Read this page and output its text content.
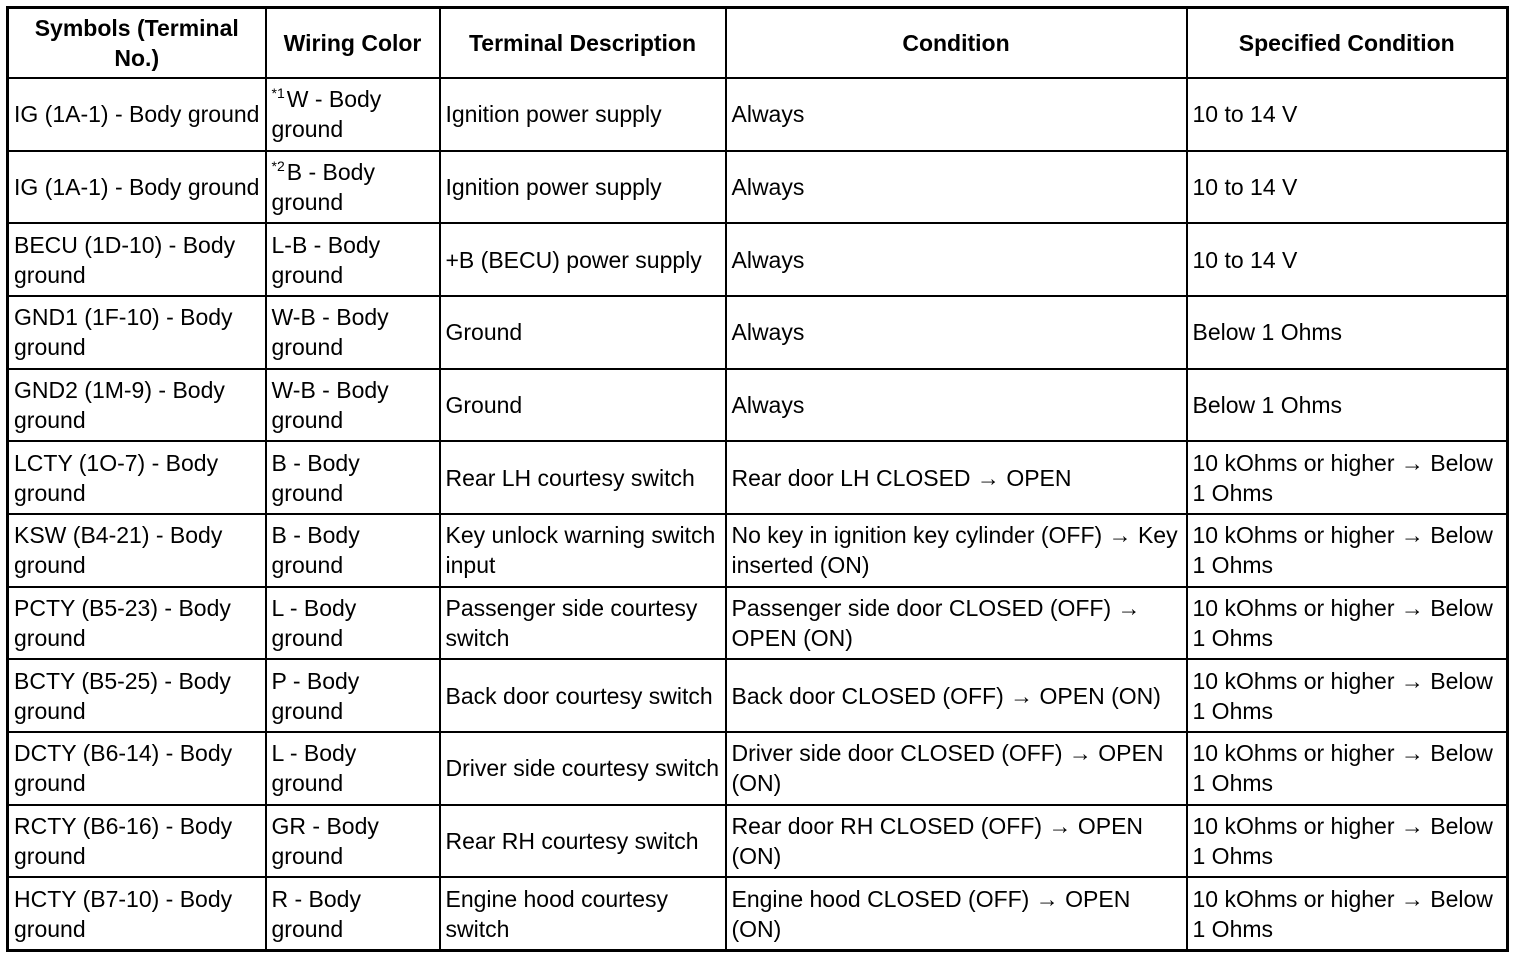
Symbols (Terminal No.)	Wiring Color	Terminal Description	Condition	Specified Condition
IG (1A-1) - Body ground	$^{*1}$W - Body ground	Ignition power supply	Always	10 to 14 V
IG (1A-1) - Body ground	$^{*2}$B - Body ground	Ignition power supply	Always	10 to 14 V
BECU (1D-10) - Body ground	L-B - Body ground	+B (BECU) power supply	Always	10 to 14 V
GND1 (1F-10) - Body ground	W-B - Body ground	Ground	Always	Below 1 Ohms
GND2 (1M-9) - Body ground	W-B - Body ground	Ground	Always	Below 1 Ohms
LCTY (1O-7) - Body ground	B - Body ground	Rear LH courtesy switch	Rear door LH CLOSED → OPEN	10 kOhms or higher → Below 1 Ohms
KSW (B4-21) - Body ground	B - Body ground	Key unlock warning switch input	No key in ignition key cylinder (OFF) → Key inserted (ON)	10 kOhms or higher → Below 1 Ohms
PCTY (B5-23) - Body ground	L - Body ground	Passenger side courtesy switch	Passenger side door CLOSED (OFF) → OPEN (ON)	10 kOhms or higher → Below 1 Ohms
BCTY (B5-25) - Body ground	P - Body ground	Back door courtesy switch	Back door CLOSED (OFF) → OPEN (ON)	10 kOhms or higher → Below 1 Ohms
DCTY (B6-14) - Body ground	L - Body ground	Driver side courtesy switch	Driver side door CLOSED (OFF) → OPEN (ON)	10 kOhms or higher → Below 1 Ohms
RCTY (B6-16) - Body ground	GR - Body ground	Rear RH courtesy switch	Rear door RH CLOSED (OFF) → OPEN (ON)	10 kOhms or higher → Below 1 Ohms
HCTY (B7-10) - Body ground	R - Body ground	Engine hood courtesy switch	Engine hood CLOSED (OFF) → OPEN (ON)	10 kOhms or higher → Below 1 Ohms
